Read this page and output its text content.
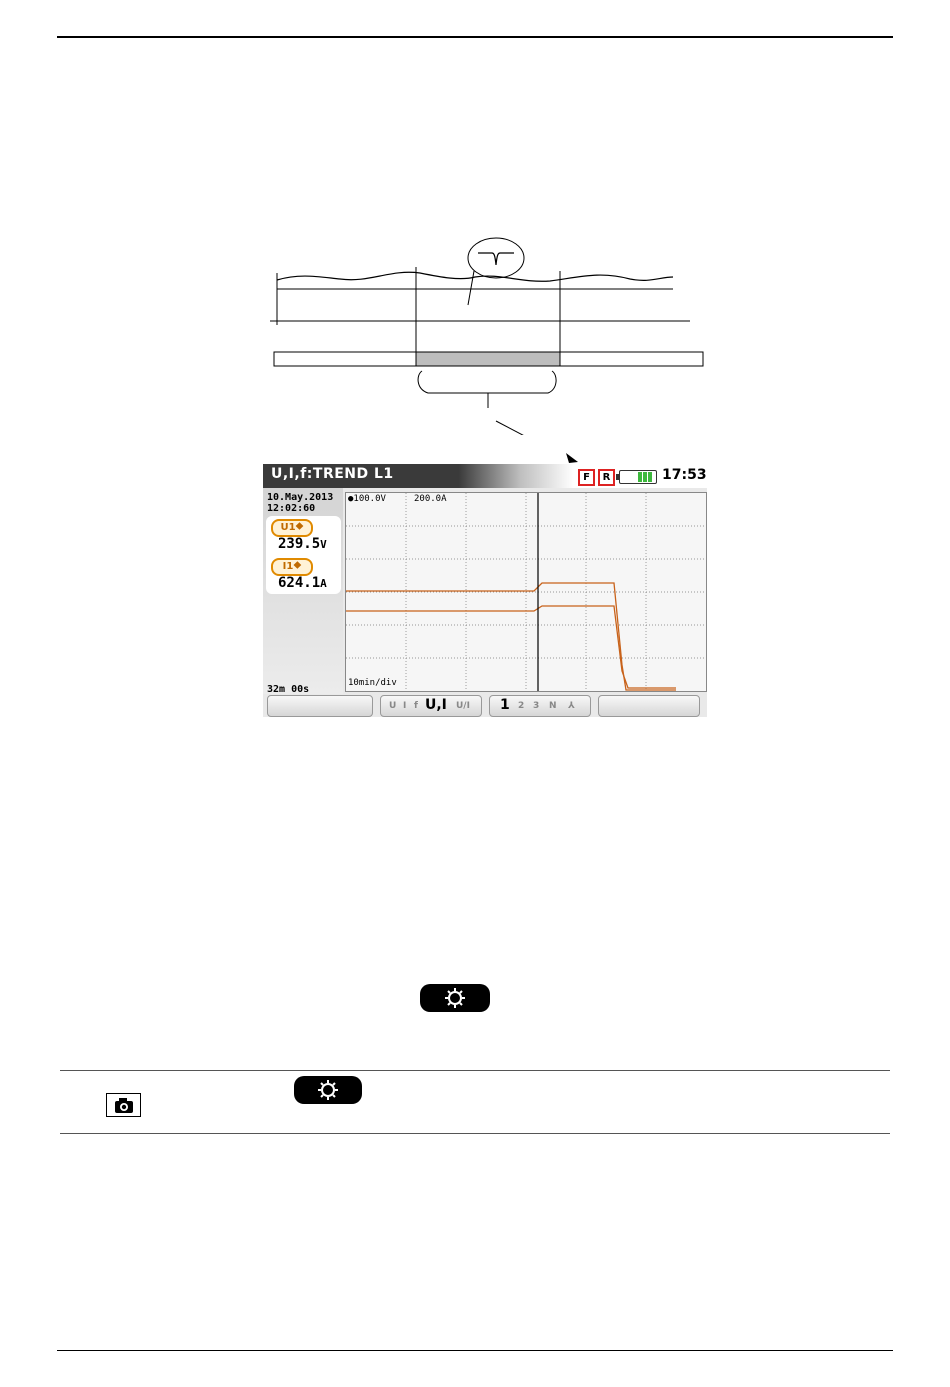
U,I,f:TREND L1	F	R	17:53
10.May.2013
12:02:60
U1⯁
239.5V
I1⯁
624.1A
32m 00s
●100.0V	200.0A
10min/div
U I f U,I U/I 1 2 3 N ⅄
